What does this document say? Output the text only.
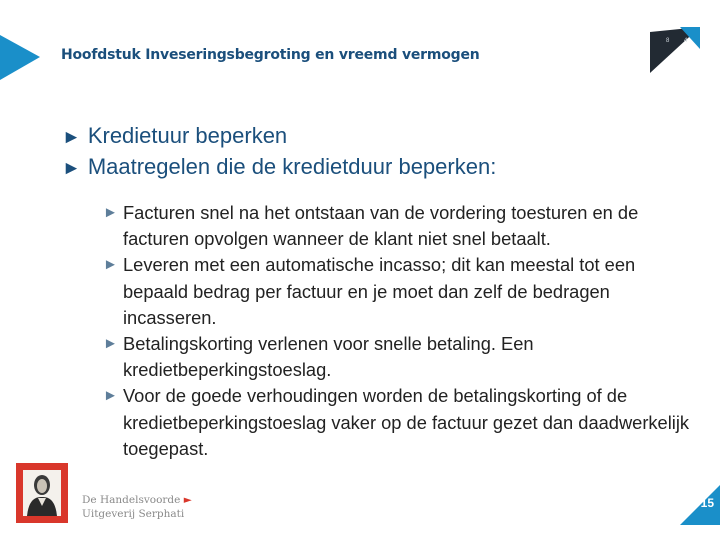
Hoofdstuk Inveseringsbegroting en vreemd vermogen
8 4
► Kredietuur beperken
► Maatregelen die de kredietduur beperken:
► Facturen snel na het ontstaan van de vordering toesturen en de facturen opvolgen wanneer de klant niet snel betaalt.
► Leveren met een automatische incasso; dit kan meestal tot een bepaald bedrag per factuur en je moet dan zelf de bedragen incasseren.
► Betalingskorting verlenen voor snelle betaling. Een kredietbeperkingstoeslag.
► Voor de goede verhoudingen worden de betalingskorting of de kredietbeperkingstoeslag vaker op de factuur gezet dan daadwerkelijk toegepast.
De Handelsvoorde ►
Uitgeverij Serphati
15
